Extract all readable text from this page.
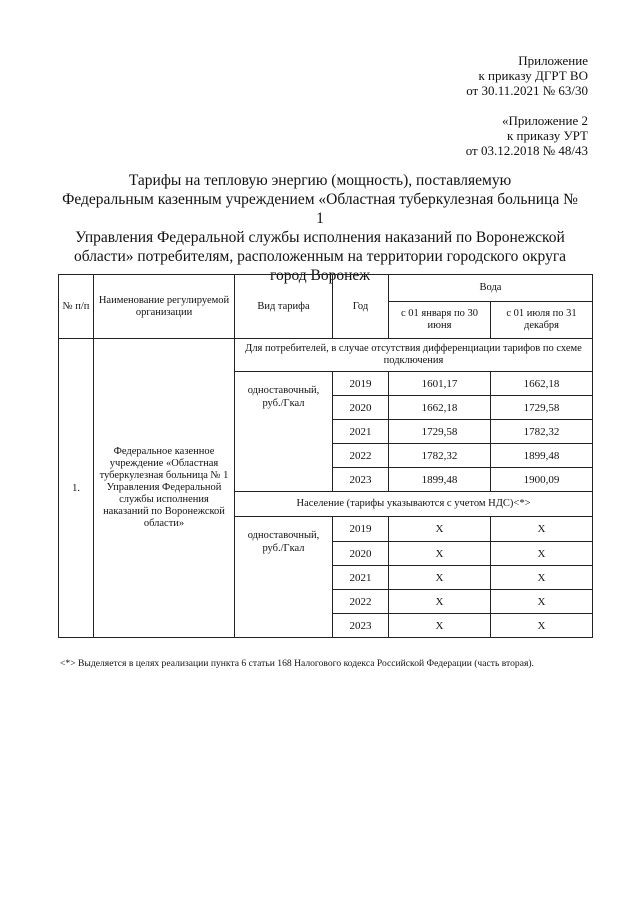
Приложение
к приказу ДГРТ ВО
от 30.11.2021 № 63/30
«Приложение 2
к приказу УРТ
от 03.12.2018 № 48/43
Тарифы на тепловую энергию (мощность), поставляемую
Федеральным казенным учреждением «Областная туберкулезная больница № 1
Управления Федеральной службы исполнения наказаний по Воронежской
области» потребителям, расположенным на территории городского округа
город Воронеж
№ п/п	Наименование регулируемой организации	Вид тарифа	Год	Вода	
				с 01 января по 30 июня	с 01 июля по 31 декабря
1.	Федеральное казенное учреждение «Областная туберкулезная больница № 1 Управления Федеральной службы исполнения наказаний по Воронежской области»	Для потребителей, в случае отсутствия дифференциации тарифов по схеме подключения			
		одноставочный, руб./Гкал	2019	1601,17	1662,18
			2020	1662,18	1729,58
			2021	1729,58	1782,32
			2022	1782,32	1899,48
			2023	1899,48	1900,09
		Население (тарифы указываются с учетом НДС)<*>			
		одноставочный, руб./Гкал	2019	Х	Х
			2020	Х	Х
			2021	Х	Х
			2022	Х	Х
			2023	Х	Х
<*> Выделяется в целях реализации пункта 6 статьи 168 Налогового кодекса Российской Федерации (часть вторая).
